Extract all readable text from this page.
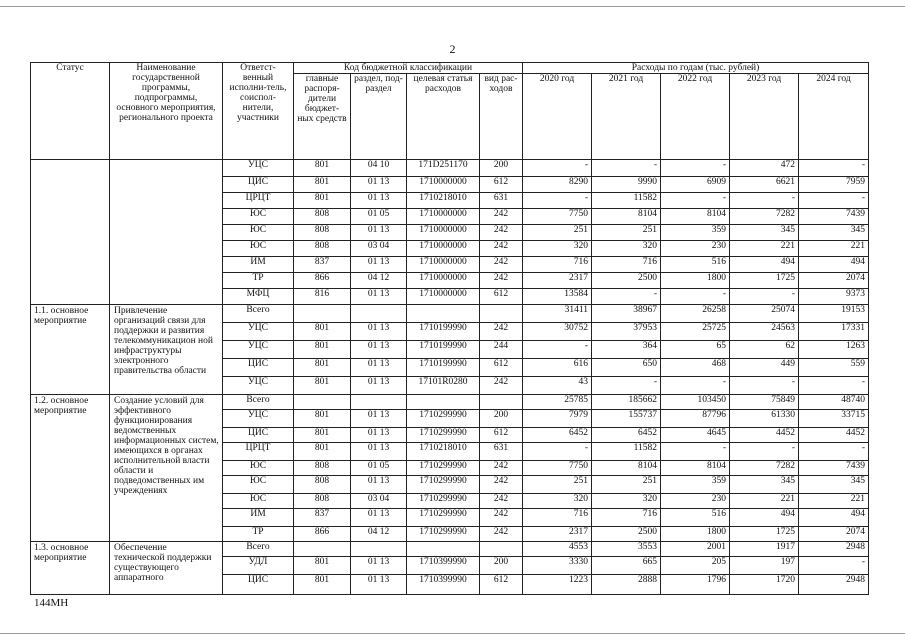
2
Статус	Наименование государственной программы, подпрограммы, основного мероприятия, регионального проекта	Ответст-венный исполни-тель, соиспол-нители, участники	Код бюджетной классификации				Расходы по годам (тыс. рублей)				
			главные распоря-дители бюджет-ных средств	раздел, под-раздел	целевая статья расходов	вид рас-ходов	2020 год	2021 год	2022 год	2023 год	2024 год
		УЦС	801	04 10	171D251170	200	-	-	-	472	-
		ЦИС	801	01 13	1710000000	612	8290	9990	6909	6621	7959
		ЦРЦТ	801	01 13	1710218010	631	-	11582	-	-	-
		ЮС	808	01 05	1710000000	242	7750	8104	8104	7282	7439
		ЮС	808	01 13	1710000000	242	251	251	359	345	345
		ЮС	808	03 04	1710000000	242	320	320	230	221	221
		ИМ	837	01 13	1710000000	242	716	716	516	494	494
		ТР	866	04 12	1710000000	242	2317	2500	1800	1725	2074
		МФЦ	816	01 13	1710000000	612	13584	-	-	-	9373
1.1. основное мероприятие	Привлечение организаций связи для поддержки и развития телекоммуникацион ной инфраструктуры электронного правительства области	Всего					31411	38967	26258	25074	19153
		УЦС	801	01 13	1710199990	242	30752	37953	25725	24563	17331
		УЦС	801	01 13	1710199990	244	-	364	65	62	1263
		ЦИС	801	01 13	1710199990	612	616	650	468	449	559
		УЦС	801	01 13	17101R0280	242	43	-	-	-	-
1.2. основное мероприятие	Создание условий для эффективного функционирования ведомственных информационных систем, имеющихся в органах исполнительной власти области и подведомственных им учреждениях	Всего					25785	185662	103450	75849	48740
		УЦС	801	01 13	1710299990	200	7979	155737	87796	61330	33715
		ЦИС	801	01 13	1710299990	612	6452	6452	4645	4452	4452
		ЦРЦТ	801	01 13	1710218010	631	-	11582	-	-	-
		ЮС	808	01 05	1710299990	242	7750	8104	8104	7282	7439
		ЮС	808	01 13	1710299990	242	251	251	359	345	345
		ЮС	808	03 04	1710299990	242	320	320	230	221	221
		ИМ	837	01 13	1710299990	242	716	716	516	494	494
		ТР	866	04 12	1710299990	242	2317	2500	1800	1725	2074
1.3. основное мероприятие	Обеспечение технической поддержки существующего аппаратного	Всего					4553	3553	2001	1917	2948
		УДЛ	801	01 13	1710399990	200	3330	665	205	197	-
		ЦИС	801	01 13	1710399990	612	1223	2888	1796	1720	2948
144МН
